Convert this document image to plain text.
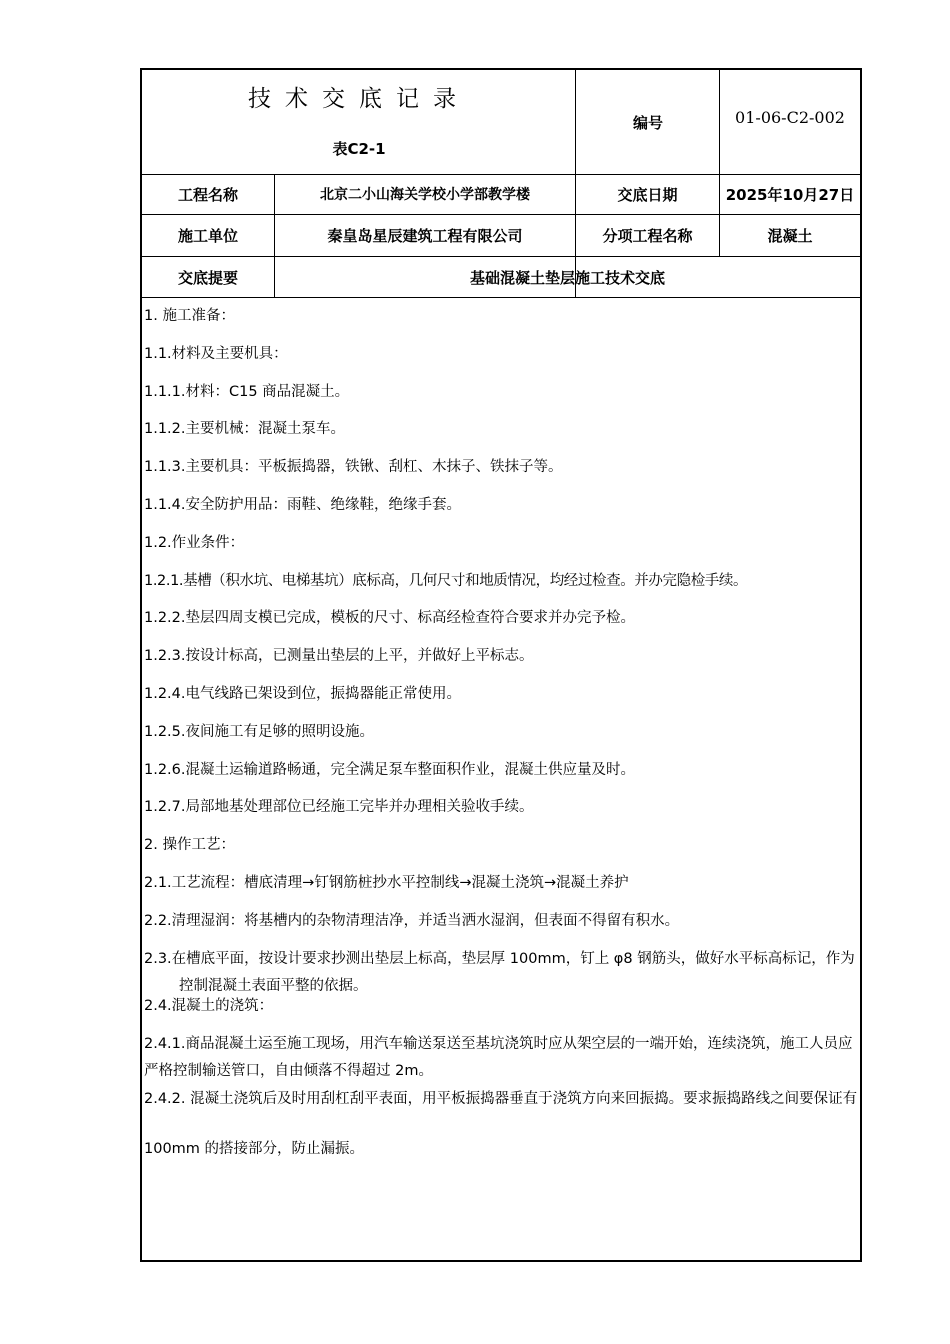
技术交底记录
表C2-1
编号	01-06-C2-002
工程名称	北京二小山海关学校小学部教学楼	交底日期	2025年10月27日
施工单位	秦皇岛星辰建筑工程有限公司	分项工程名称	混凝土
交底提要	基础混凝土垫层施工技术交底
1. 施工准备：
1.1.材料及主要机具：
1.1.1.材料：C15 商品混凝土。
1.1.2.主要机械：混凝土泵车。
1.1.3.主要机具：平板振捣器，铁锹、刮杠、木抹子、铁抹子等。
1.1.4.安全防护用品：雨鞋、绝缘鞋，绝缘手套。
1.2.作业条件：
1.2.1.基槽（积水坑、电梯基坑）底标高，几何尺寸和地质情况，均经过检查。并办完隐检手续。
1.2.2.垫层四周支模已完成，模板的尺寸、标高经检查符合要求并办完予检。
1.2.3.按设计标高，已测量出垫层的上平，并做好上平标志。
1.2.4.电气线路已架设到位，振捣器能正常使用。
1.2.5.夜间施工有足够的照明设施。
1.2.6.混凝土运输道路畅通，完全满足泵车整面积作业，混凝土供应量及时。
1.2.7.局部地基处理部位已经施工完毕并办理相关验收手续。
2. 操作工艺：
2.1.工艺流程：槽底清理→钉钢筋桩抄水平控制线→混凝土浇筑→混凝土养护
2.2.清理湿润：将基槽内的杂物清理洁净，并适当洒水湿润，但表面不得留有积水。
2.3.在槽底平面，按设计要求抄测出垫层上标高，垫层厚 100mm，钉上 φ8 钢筋头，做好水平标高标记，作为控制混凝土表面平整的依据。
2.4.混凝土的浇筑：
2.4.1.商品混凝土运至施工现场，用汽车输送泵送至基坑浇筑时应从架空层的一端开始，连续浇筑，施工人员应严格控制输送管口，自由倾落不得超过 2m。
2.4.2. 混凝土浇筑后及时用刮杠刮平表面，用平板振捣器垂直于浇筑方向来回振捣。要求振捣路线之间要保证有 100mm 的搭接部分，防止漏振。
